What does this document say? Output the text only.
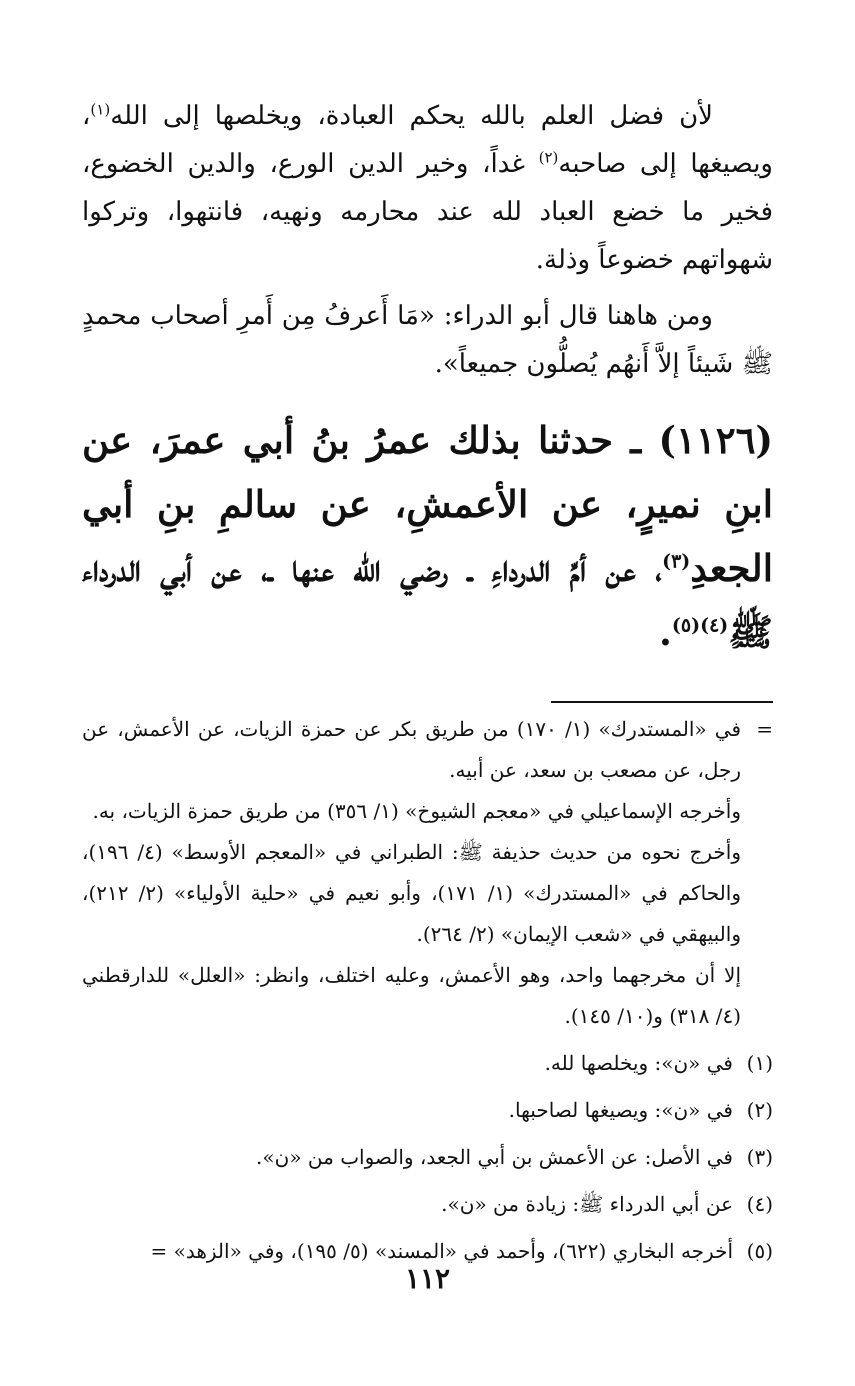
لأن فضل العلم بالله يحكم العبادة، ويخلصها إلى الله$^{(١)}$، ويصيغها إلى صاحبه$^{(٢)}$ غداً، وخير الدين الورع، والدين الخضوع، فخير ما خضع العباد لله عند محارمه ونهيه، فانتهوا، وتركوا شهواتهم خضوعاً وذلة.

ومن هاهنا قال أبو الدراء: «مَا أَعرفُ مِن أَمرِ أصحاب محمدٍ ﷺ شَيئاً إلاَّ أَنهُم يُصلُّون جميعاً».

(١١٢٦) ـ حدثنا بذلك عمرُ بنُ أبي عمرَ، عن ابنِ نميرٍ، عن الأعمشِ، عن سالمِ بنِ أبي الجعدِ$^{(٣)}$، عن أمِّ الدرداءِ ـ رضي الله عنها ـ، عن أبي الدرداء ﷺ$^{(٤)(٥)}$.

=في «المستدرك» (١/ ١٧٠) من طريق بكر عن حمزة الزيات، عن الأعمش، عن رجل، عن مصعب بن سعد، عن أبيه.

وأخرجه الإسماعيلي في «معجم الشيوخ» (١/ ٣٥٦) من طريق حمزة الزيات، به.

وأخرج نحوه من حديث حذيفة ﷺ: الطبراني في «المعجم الأوسط» (٤/ ١٩٦)، والحاكم في «المستدرك» (١/ ١٧١)، وأبو نعيم في «حلية الأولياء» (٢/ ٢١٢)، والبيهقي في «شعب الإيمان» (٢/ ٢٦٤).

إلا أن مخرجهما واحد، وهو الأعمش، وعليه اختلف، وانظر: «العلل» للدارقطني (٤/ ٣١٨) و(١٠/ ١٤٥).

(١)في «ن»: ويخلصها لله.

(٢)في «ن»: ويصيغها لصاحبها.

(٣)في الأصل: عن الأعمش بن أبي الجعد، والصواب من «ن».

(٤)عن أبي الدرداء ﷺ: زيادة من «ن».

(٥)أخرجه البخاري (٦٢٢)، وأحمد في «المسند» (٥/ ١٩٥)، وفي «الزهد» =

١١٢
